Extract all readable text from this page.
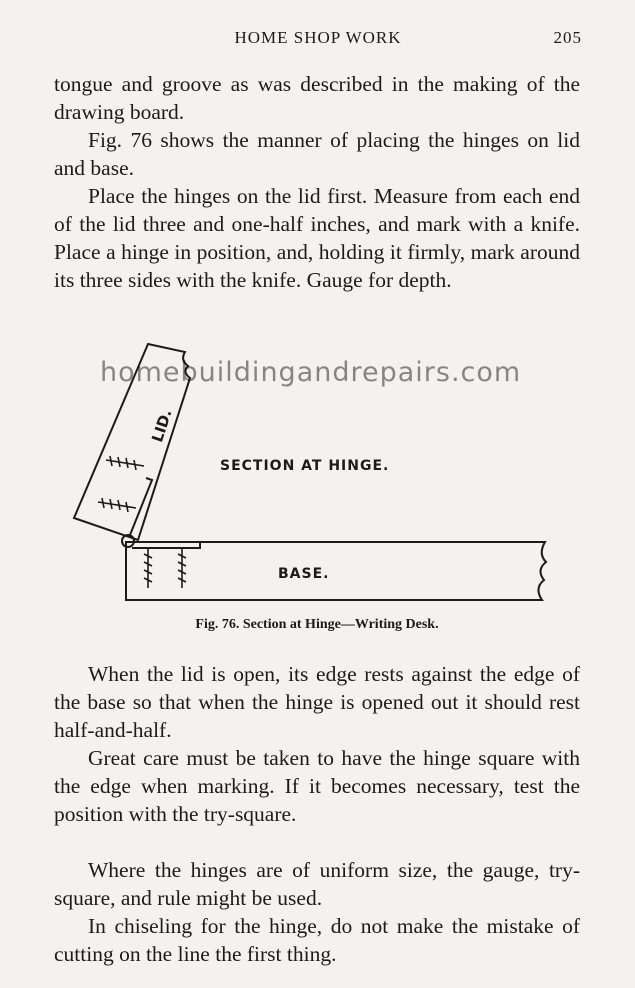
HOME SHOP WORK	205

tongue and groove as was described in the making of the drawing board.

Fig. 76 shows the manner of placing the hinges on lid and base.

Place the hinges on the lid first. Measure from each end of the lid three and one-half inches, and mark with a knife. Place a hinge in position, and, holding it firmly, mark around its three sides with the knife. Gauge for depth.

LID.
SECTION AT HINGE.
BASE.
homebuildingandrepairs.com
Fig. 76. Section at Hinge—Writing Desk.

When the lid is open, its edge rests against the edge of the base so that when the hinge is opened out it should rest half-and-half.

Great care must be taken to have the hinge square with the edge when marking. If it becomes necessary, test the position with the try-square.

Where the hinges are of uniform size, the gauge, try-square, and rule might be used.

In chiseling for the hinge, do not make the mistake of cutting on the line the first thing.
